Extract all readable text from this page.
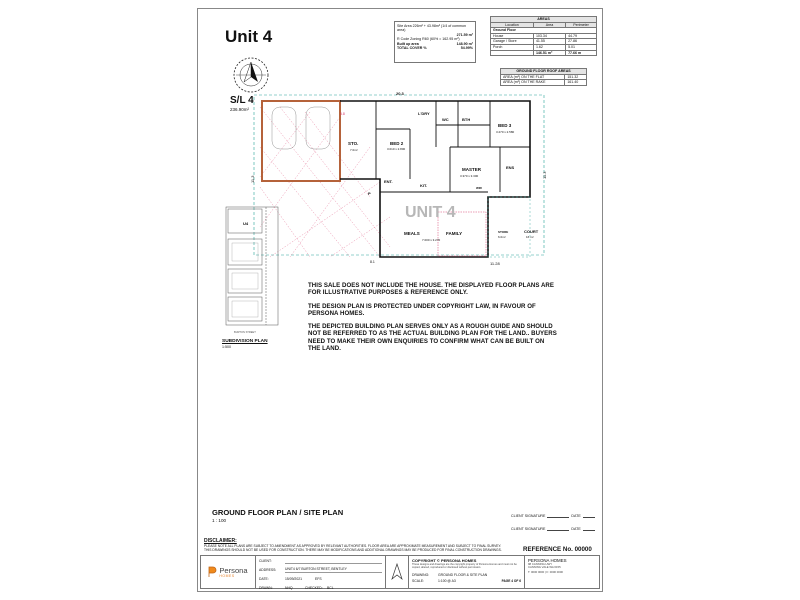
Unit 4
S/L 4
236.90m²
Site Area 226m² + 43.98m² (1/4 of common area)
271.59 m²
R Code Zoning R60 (60% = 162.95 m²)
Built up area	148.90 m²
TOTAL COVER %	54.99%
AREAS		
Location	Area	Perimeter
Ground Floor		
House	103.34	44.79
Garage / Store	41.55	27.86
Porch	1.62	5.01
	146.51 m²	77.66 m
GROUND FLOOR ROOF AREAS	
AREA (m²) ON THE FLAT	151.32
AREA (m²) ON THE RAKE	161.40
UNIT 4
20.3
11.3
11.3
11.28
5.8
8.1
STO.
7.0m²
BED 2
3.010 x 2.800
L'DRY
WC	BTH
BED 3
3.270 x 2.580
ENT.
KIT.
MASTER
3.370 x 3.300
ENS
MEALS	FAMILY
7.000 x 3.270
COURT
16 m²
STORE
6.0m²
P
WIR
U4
BURTON STREET
SUBDIVISION PLAN
1:500

THIS SALE DOES NOT INCLUDE THE HOUSE. THE DISPLAYED FLOOR PLANS ARE FOR ILLUSTRATIVE PURPOSES & REFERENCE ONLY.

THE DESIGN PLAN IS PROTECTED UNDER COPYRIGHT LAW, IN FAVOUR OF PERSONA HOMES.

THE DEPICTED BUILDING PLAN SERVES ONLY AS A ROUGH GUIDE AND SHOULD NOT BE REFERRED TO AS THE ACTUAL BUILDING PLAN FOR THE LAND.. BUYERS NEED TO MAKE THEIR OWN ENQUIRIES TO CONFIRM WHAT CAN BE BUILT ON THE LAND.

GROUND FLOOR PLAN / SITE PLAN
1 : 100
CLIENT SIGNATURE	DATE
CLIENT SIGNATURE	DATE
DISCLAIMER:
PLEASE NOTE ALL PLANS ARE SUBJECT TO AMENDMENT AS APPROVED BY RELEVANT AUTHORITIES. FLOOR AREA ARE APPROXIMATE MEASUREMENT AND SUBJECT TO FINAL SURVEY.
THIS DRAWINGS SHOULD NOT BE USED FOR CONSTRUCTION. THERE MAY BE MODIFICATIONS AND ADDITIONAL DRAWINGS MAY BE PRODUCED FOR FINAL CONSTRUCTION DRAWINGS.	REFERENCE No. 00000
Persona
HOMES
CLIENT:
ADDRESS:	UNIT4 6/7 BURTON STREET, BENTLEY
DATE:	15/09/2021	EFS
DRAWN:	NHQ	CHECKED:	BCL
COPYRIGHT © PERSONA HOMES
These designs and drawings are the copyright property of Persona Homes and must not be copied, altered, reproduced or disclosed without permission.
DRAWING:	GROUND FLOOR & SITE PLAN
SCALE:	1:100 @ A3	PAGE 4 OF 6
PERSONA HOMES
98 CANNING HWY
CANNING VALE WA 6155
T: 0000 0000 | F: 0000 0000
